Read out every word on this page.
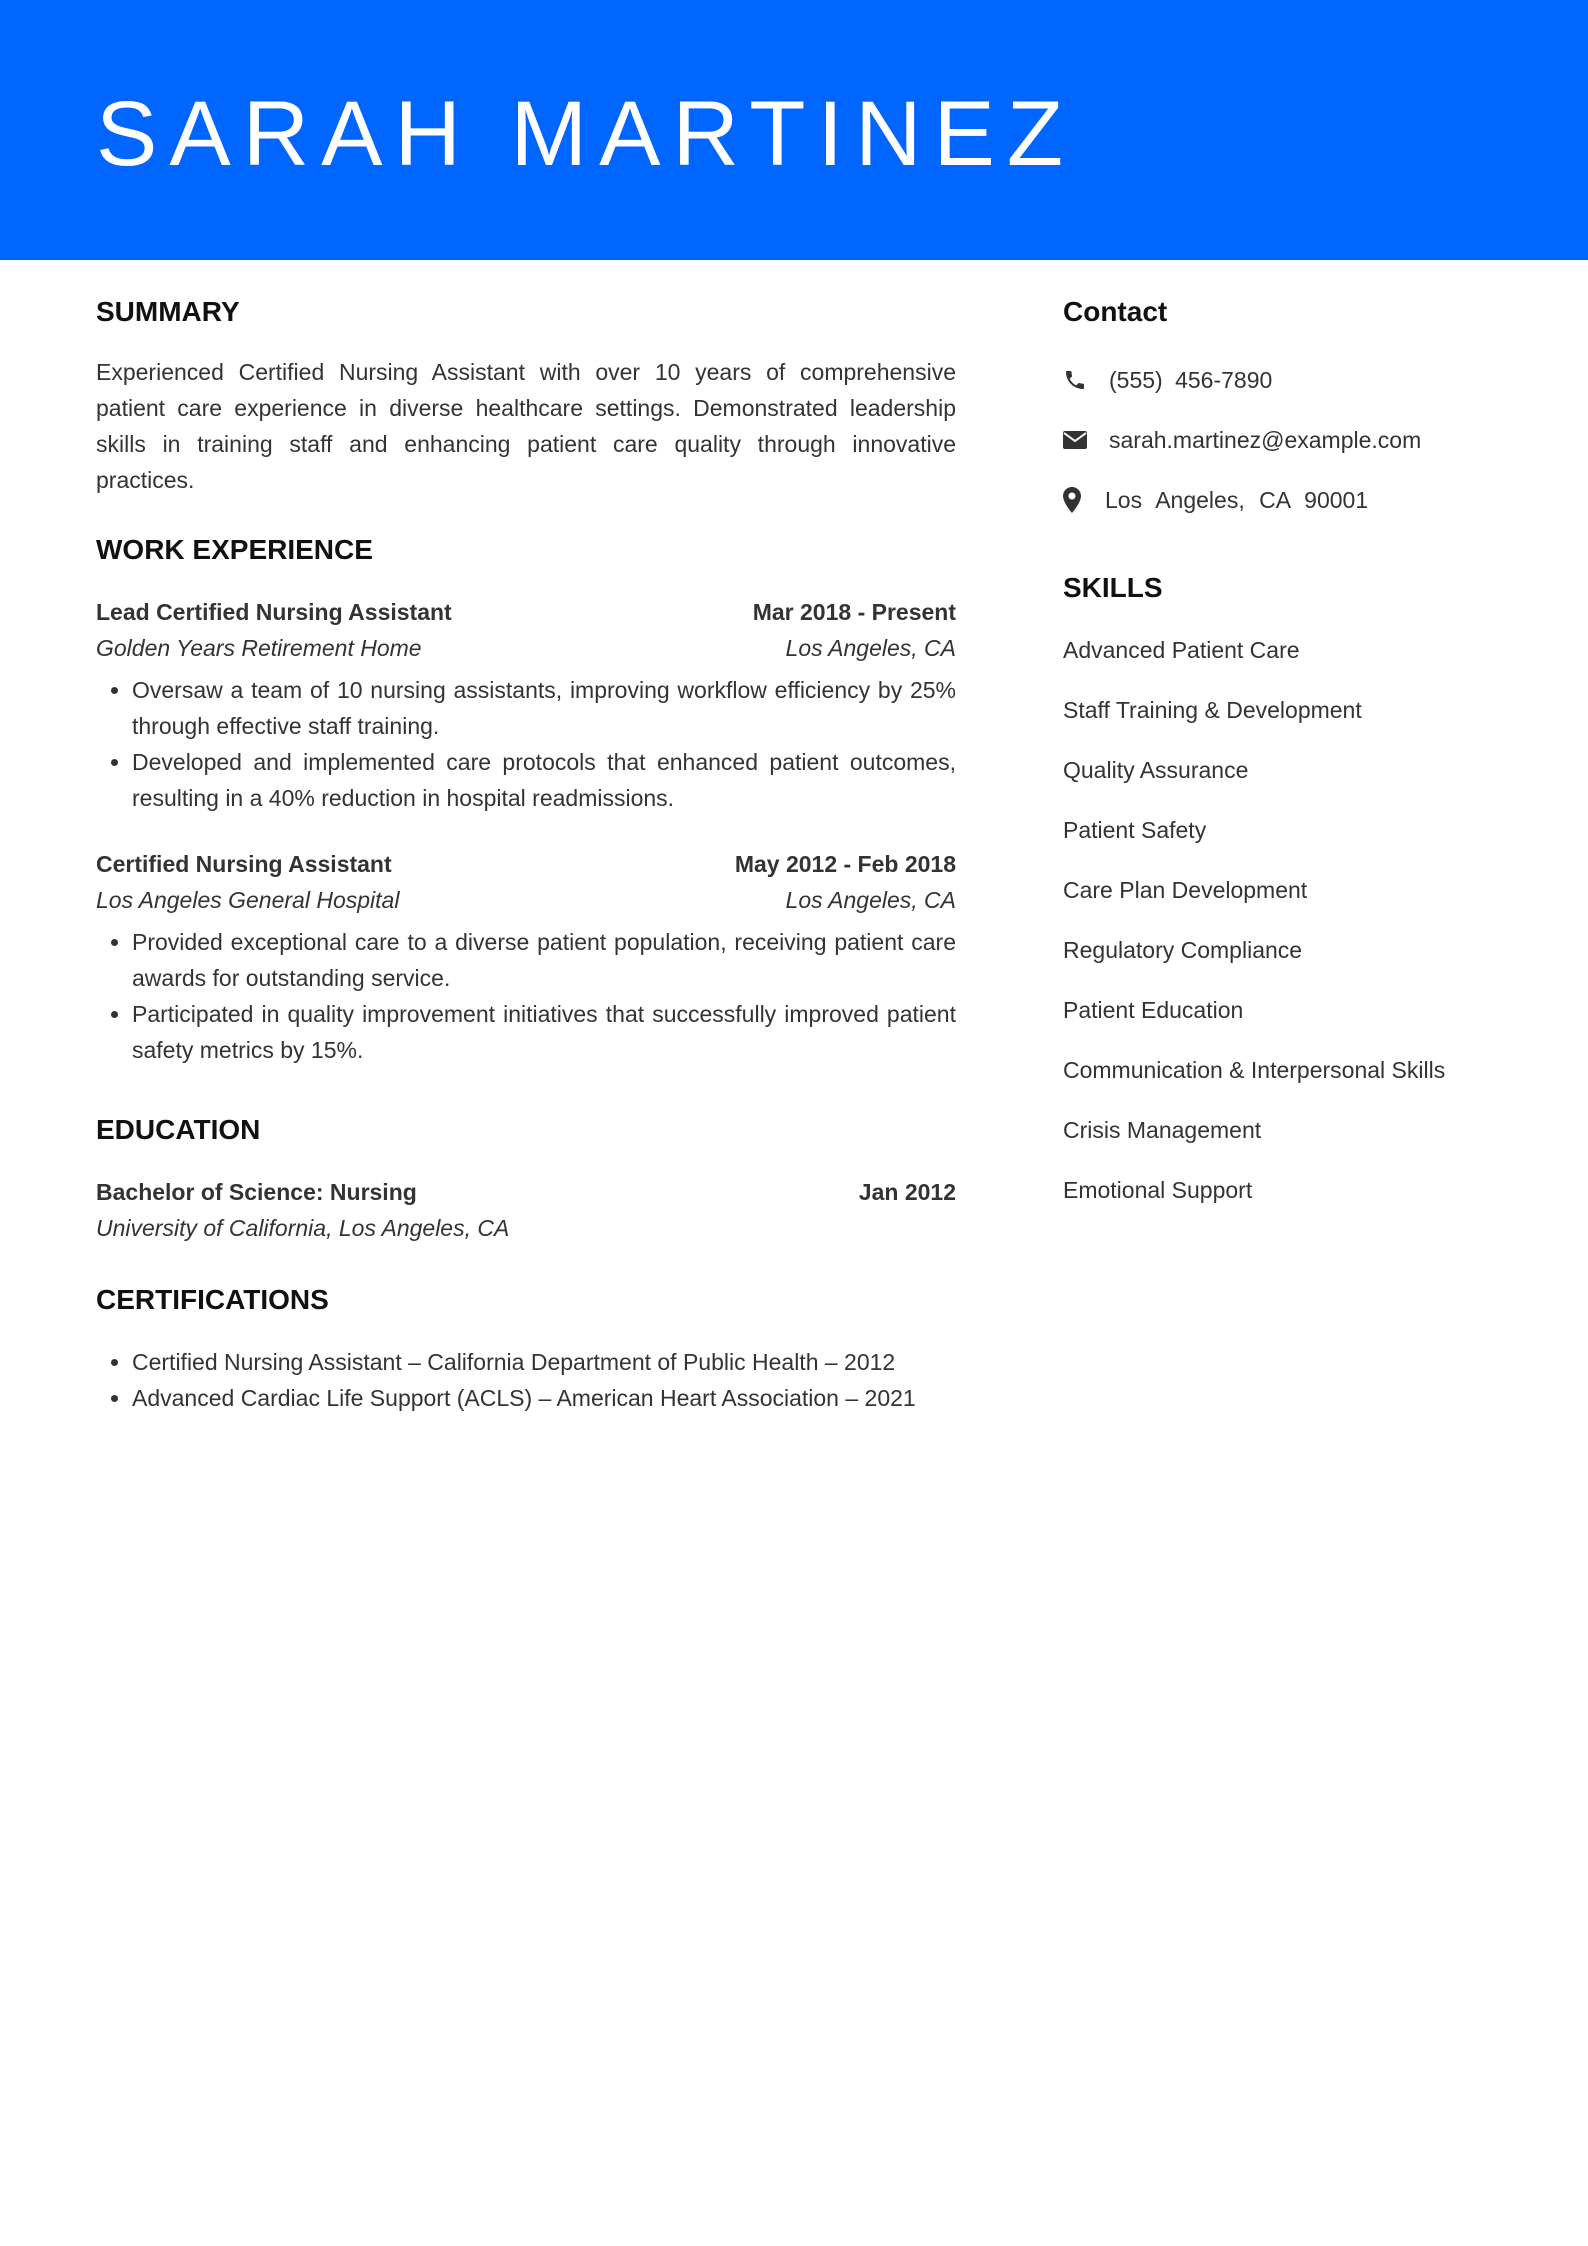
SARAH MARTINEZ
SUMMARY

Experienced Certified Nursing Assistant with over 10 years of comprehensive patient care experience in diverse healthcare settings. Demonstrated leadership skills in training staff and enhancing patient care quality through innovative practices.

WORK EXPERIENCE
Lead Certified Nursing Assistant	Mar 2018 - Present
Golden Years Retirement Home	Los Angeles, CA
• Oversaw a team of 10 nursing assistants, improving workflow efficiency by 25% through effective staff training.
• Developed and implemented care protocols that enhanced patient outcomes, resulting in a 40% reduction in hospital readmissions.
Certified Nursing Assistant	May 2012 - Feb 2018
Los Angeles General Hospital	Los Angeles, CA
• Provided exceptional care to a diverse patient population, receiving patient care awards for outstanding service.
• Participated in quality improvement initiatives that successfully improved patient safety metrics by 15%.
EDUCATION
Bachelor of Science: Nursing	Jan 2012
University of California, Los Angeles, CA
CERTIFICATIONS
• Certified Nursing Assistant – California Department of Public Health – 2012
• Advanced Cardiac Life Support (ACLS) – American Heart Association – 2021
Contact
(555) 456-7890
sarah.martinez@example.com
Los Angeles, CA 90001
SKILLS
Advanced Patient Care
Staff Training & Development
Quality Assurance
Patient Safety
Care Plan Development
Regulatory Compliance
Patient Education
Communication & Interpersonal Skills
Crisis Management
Emotional Support
